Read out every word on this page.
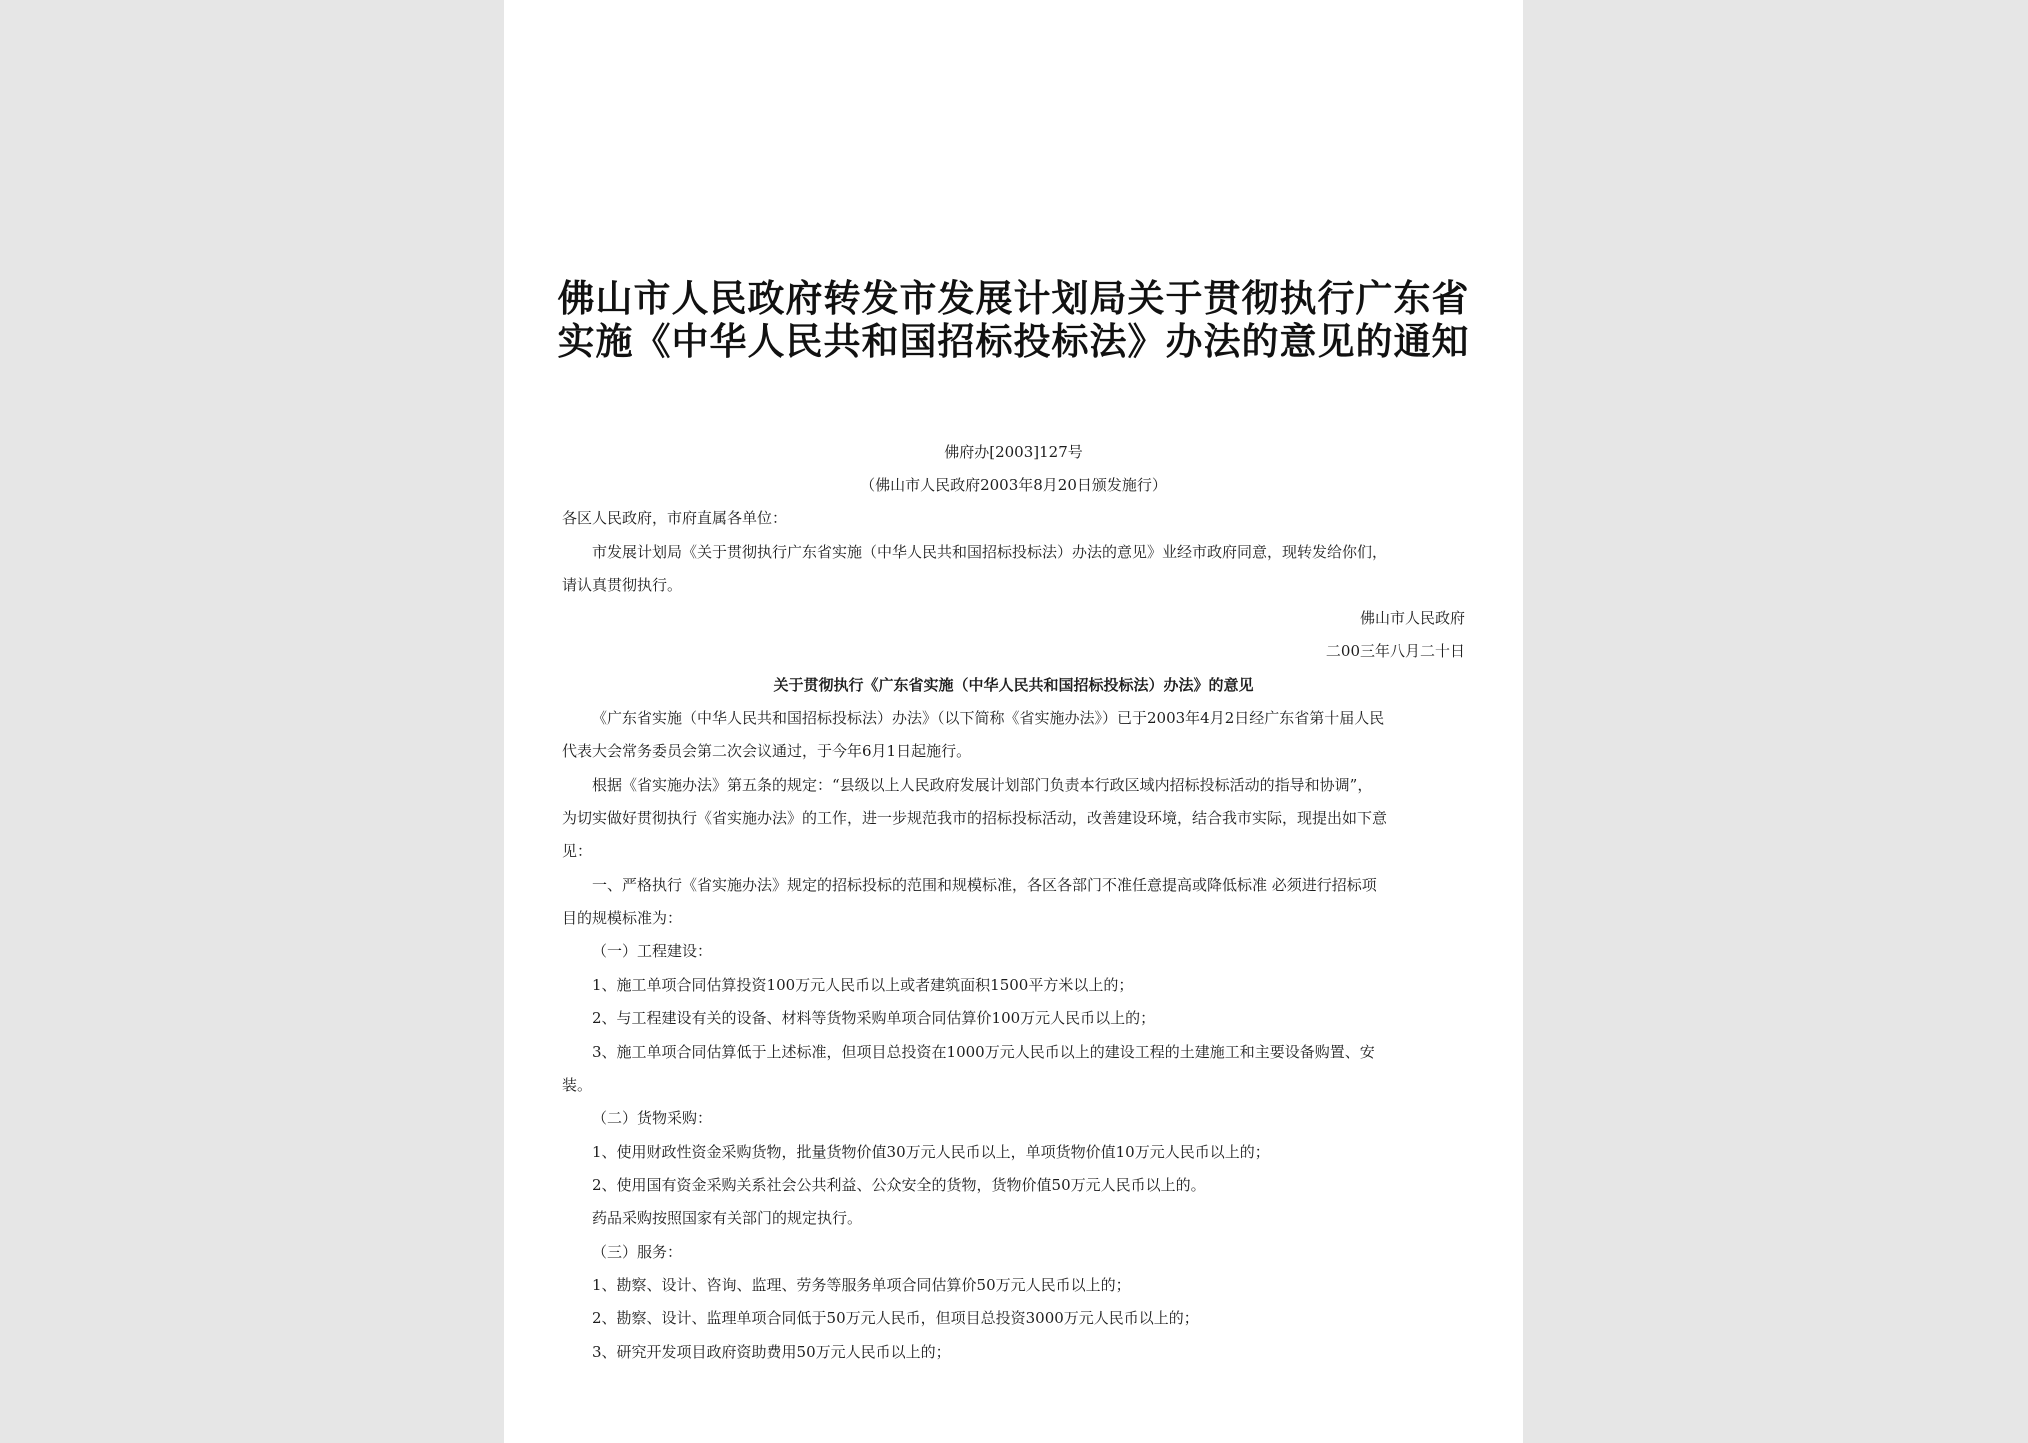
佛山市人民政府转发市发展计划局关于贯彻执行广东省
实施《中华人民共和国招标投标法》办法的意见的通知
佛府办[2003]127号
（佛山市人民政府2003年8月20日颁发施行）
各区人民政府，市府直属各单位：
市发展计划局《关于贯彻执行广东省实施（中华人民共和国招标投标法）办法的意见》业经市政府同意，现转发给你们，
请认真贯彻执行。
佛山市人民政府
二00三年八月二十日
关于贯彻执行《广东省实施（中华人民共和国招标投标法）办法》的意见
《广东省实施（中华人民共和国招标投标法）办法》（以下简称《省实施办法》）已于2003年4月2日经广东省第十届人民
代表大会常务委员会第二次会议通过，于今年6月1日起施行。
根据《省实施办法》第五条的规定：“县级以上人民政府发展计划部门负责本行政区域内招标投标活动的指导和协调”，
为切实做好贯彻执行《省实施办法》的工作，进一步规范我市的招标投标活动，改善建设环境，结合我市实际，现提出如下意
见：
一、严格执行《省实施办法》规定的招标投标的范围和规模标准，各区各部门不准任意提高或降低标准 必须进行招标项
目的规模标准为：
（一）工程建设：
1、施工单项合同估算投资100万元人民币以上或者建筑面积1500平方米以上的；
2、与工程建设有关的设备、材料等货物采购单项合同估算价100万元人民币以上的；
3、施工单项合同估算低于上述标准，但项目总投资在1000万元人民币以上的建设工程的土建施工和主要设备购置、安
装。
（二）货物采购：
1、使用财政性资金采购货物，批量货物价值30万元人民币以上，单项货物价值10万元人民币以上的；
2、使用国有资金采购关系社会公共利益、公众安全的货物，货物价值50万元人民币以上的。
药品采购按照国家有关部门的规定执行。
（三）服务：
1、勘察、设计、咨询、监理、劳务等服务单项合同估算价50万元人民币以上的；
2、勘察、设计、监理单项合同低于50万元人民币，但项目总投资3000万元人民币以上的；
3、研究开发项目政府资助费用50万元人民币以上的；
